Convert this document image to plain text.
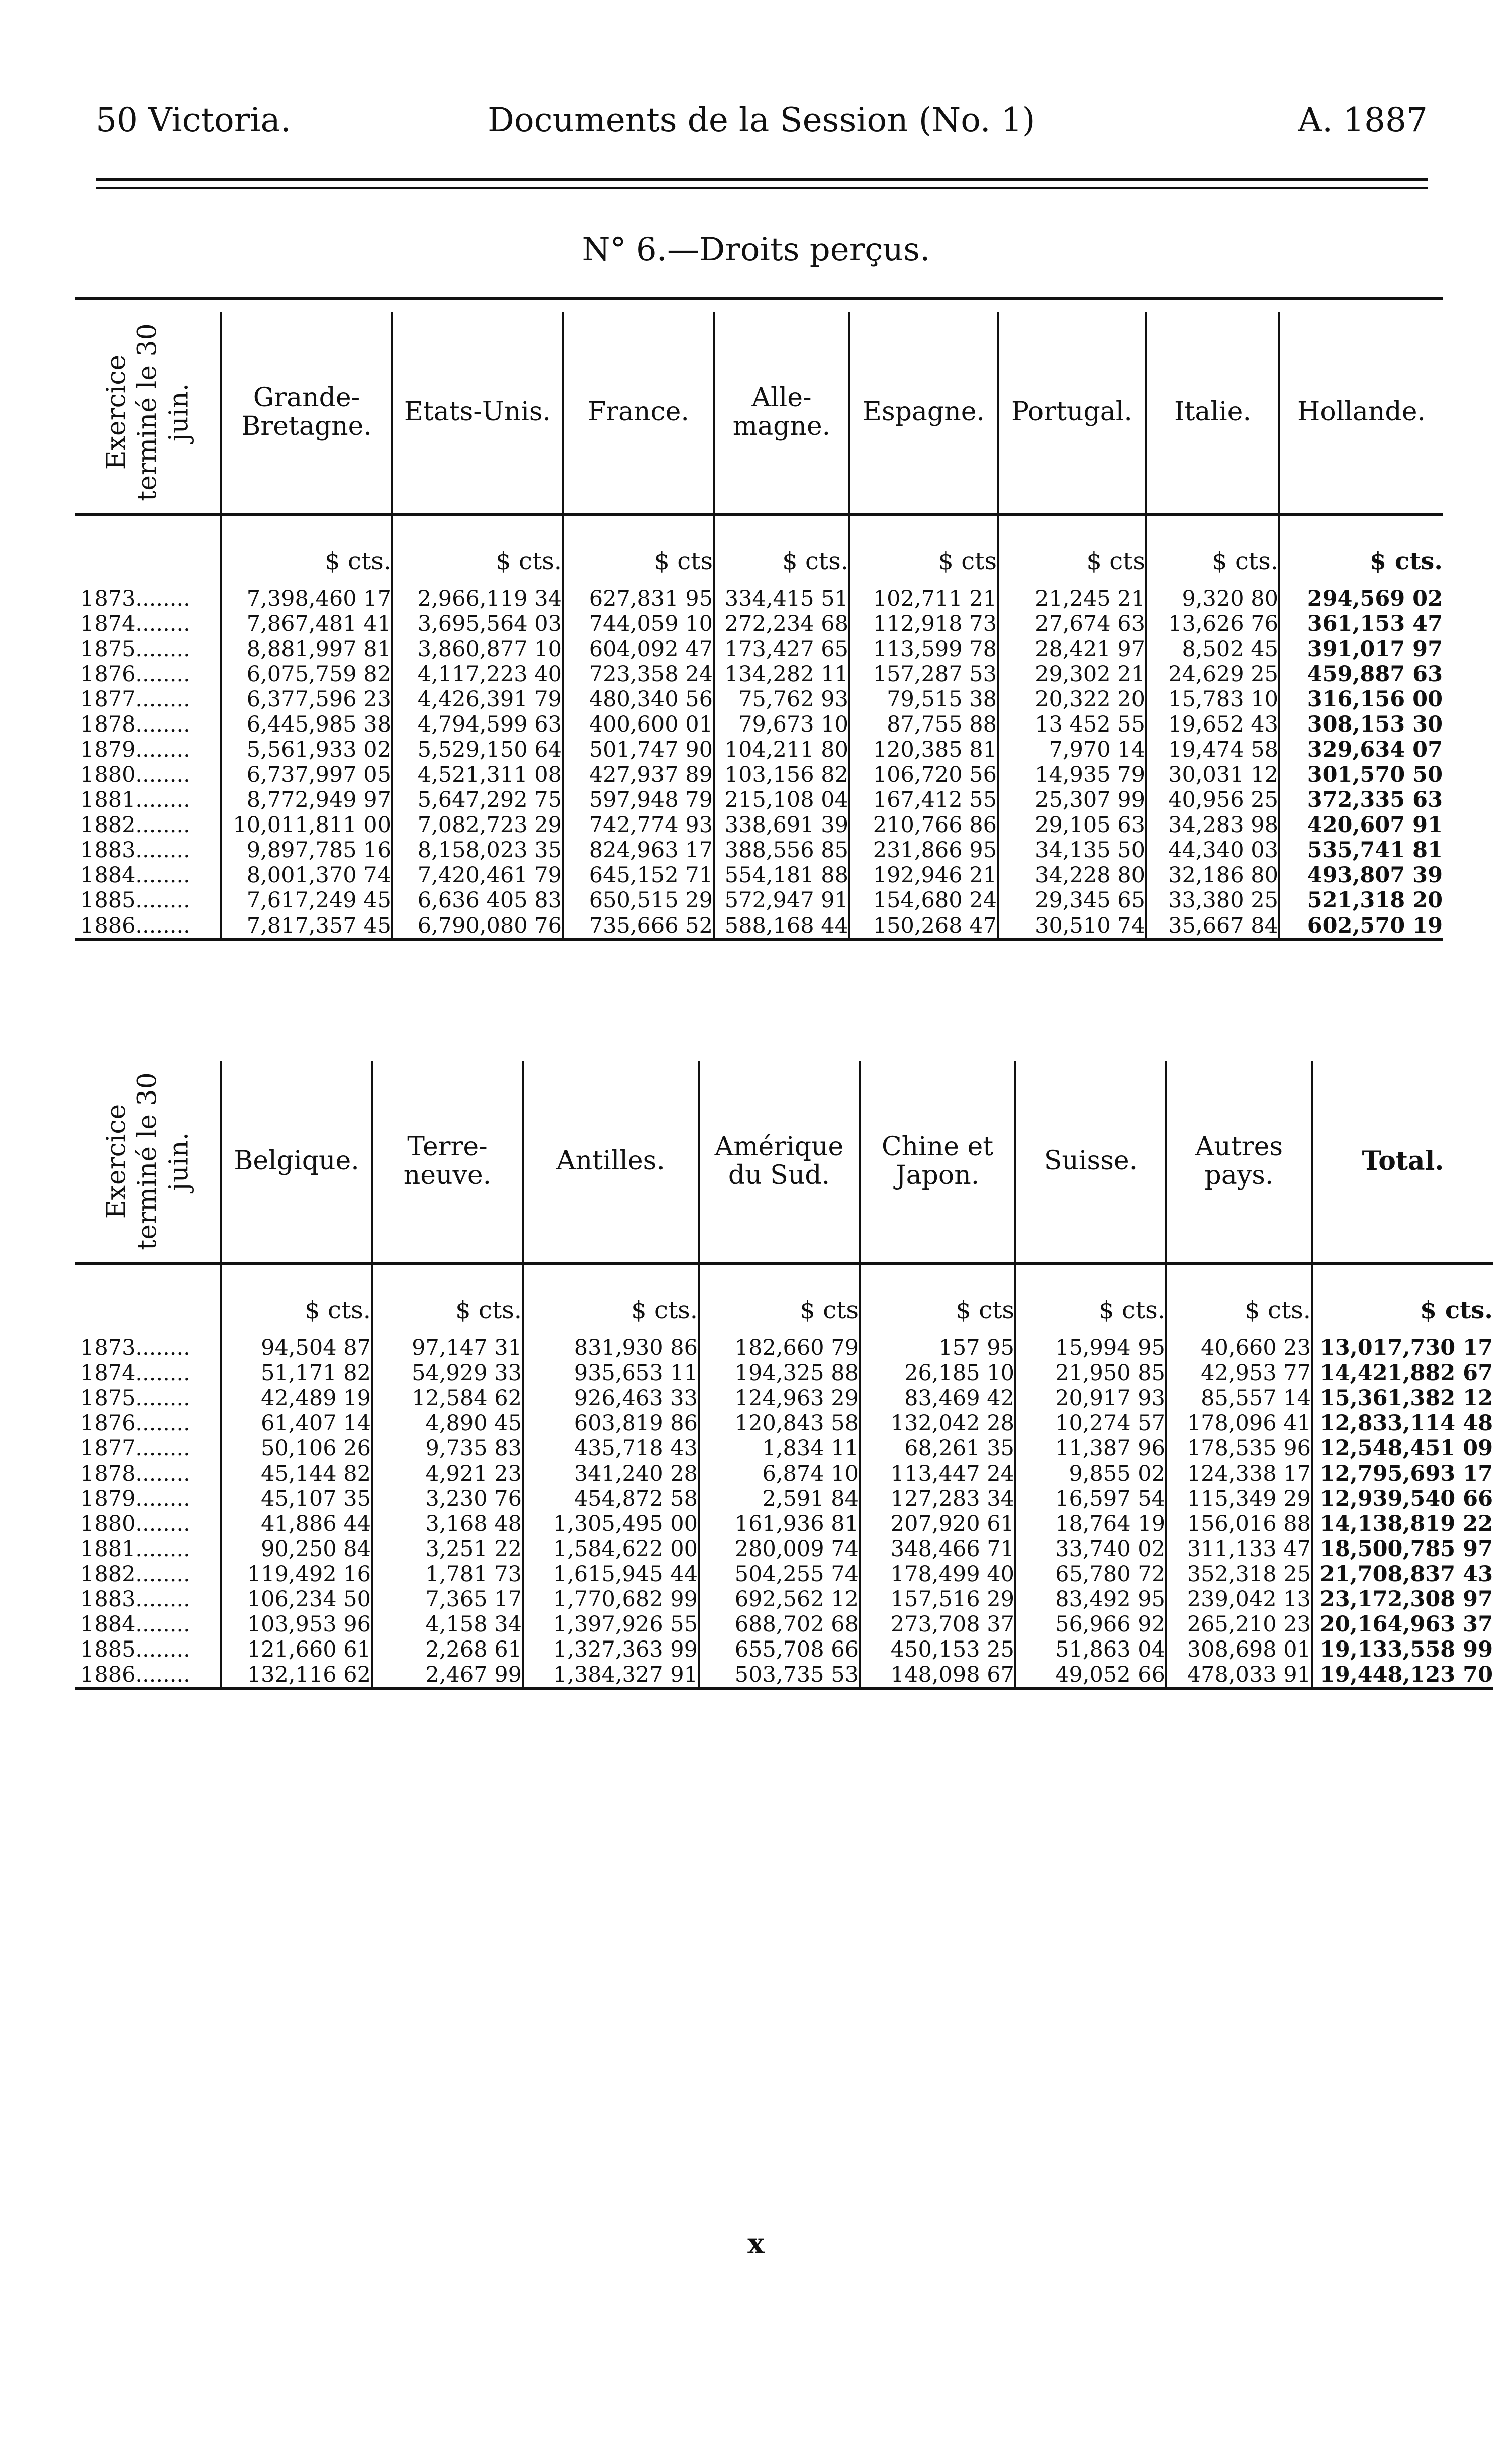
50 Victoria.	Documents de la Session (No. 1)	A. 1887
N° 6.—Droits perçus.
Exercice terminé le 30 juin.	Grande-Bretagne.	Etats-Unis.	France.	Alle-magne.	Espagne.	Portugal.	Italie.	Hollande.

	$ cts.	$ cts.	$ cts	$ cts.	$ cts	$ cts	$ cts.	$ cts.
1873........	7,398,460 17	2,966,119 34	627,831 95	334,415 51	102,711 21	21,245 21	9,320 80	294,569 02
1874........	7,867,481 41	3,695,564 03	744,059 10	272,234 68	112,918 73	27,674 63	13,626 76	361,153 47
1875........	8,881,997 81	3,860,877 10	604,092 47	173,427 65	113,599 78	28,421 97	8,502 45	391,017 97
1876........	6,075,759 82	4,117,223 40	723,358 24	134,282 11	157,287 53	29,302 21	24,629 25	459,887 63
1877........	6,377,596 23	4,426,391 79	480,340 56	75,762 93	79,515 38	20,322 20	15,783 10	316,156 00
1878........	6,445,985 38	4,794,599 63	400,600 01	79,673 10	87,755 88	13 452 55	19,652 43	308,153 30
1879........	5,561,933 02	5,529,150 64	501,747 90	104,211 80	120,385 81	7,970 14	19,474 58	329,634 07
1880........	6,737,997 05	4,521,311 08	427,937 89	103,156 82	106,720 56	14,935 79	30,031 12	301,570 50
1881........	8,772,949 97	5,647,292 75	597,948 79	215,108 04	167,412 55	25,307 99	40,956 25	372,335 63
1882........	10,011,811 00	7,082,723 29	742,774 93	338,691 39	210,766 86	29,105 63	34,283 98	420,607 91
1883........	9,897,785 16	8,158,023 35	824,963 17	388,556 85	231,866 95	34,135 50	44,340 03	535,741 81
1884........	8,001,370 74	7,420,461 79	645,152 71	554,181 88	192,946 21	34,228 80	32,186 80	493,807 39
1885........	7,617,249 45	6,636 405 83	650,515 29	572,947 91	154,680 24	29,345 65	33,380 25	521,318 20
1886........	7,817,357 45	6,790,080 76	735,666 52	588,168 44	150,268 47	30,510 74	35,667 84	602,570 19
Exercice terminé le 30 juin.	Belgique.	Terre-neuve.	Antilles.	Amérique du Sud.	Chine et Japon.	Suisse.	Autres pays.	Total.

	$ cts.	$ cts.	$ cts.	$ cts	$ cts	$ cts.	$ cts.	$ cts.
1873........	94,504 87	97,147 31	831,930 86	182,660 79	157 95	15,994 95	40,660 23	13,017,730 17
1874........	51,171 82	54,929 33	935,653 11	194,325 88	26,185 10	21,950 85	42,953 77	14,421,882 67
1875........	42,489 19	12,584 62	926,463 33	124,963 29	83,469 42	20,917 93	85,557 14	15,361,382 12
1876........	61,407 14	4,890 45	603,819 86	120,843 58	132,042 28	10,274 57	178,096 41	12,833,114 48
1877........	50,106 26	9,735 83	435,718 43	1,834 11	68,261 35	11,387 96	178,535 96	12,548,451 09
1878........	45,144 82	4,921 23	341,240 28	6,874 10	113,447 24	9,855 02	124,338 17	12,795,693 17
1879........	45,107 35	3,230 76	454,872 58	2,591 84	127,283 34	16,597 54	115,349 29	12,939,540 66
1880........	41,886 44	3,168 48	1,305,495 00	161,936 81	207,920 61	18,764 19	156,016 88	14,138,819 22
1881........	90,250 84	3,251 22	1,584,622 00	280,009 74	348,466 71	33,740 02	311,133 47	18,500,785 97
1882........	119,492 16	1,781 73	1,615,945 44	504,255 74	178,499 40	65,780 72	352,318 25	21,708,837 43
1883........	106,234 50	7,365 17	1,770,682 99	692,562 12	157,516 29	83,492 95	239,042 13	23,172,308 97
1884........	103,953 96	4,158 34	1,397,926 55	688,702 68	273,708 37	56,966 92	265,210 23	20,164,963 37
1885........	121,660 61	2,268 61	1,327,363 99	655,708 66	450,153 25	51,863 04	308,698 01	19,133,558 99
1886........	132,116 62	2,467 99	1,384,327 91	503,735 53	148,098 67	49,052 66	478,033 91	19,448,123 70
x
